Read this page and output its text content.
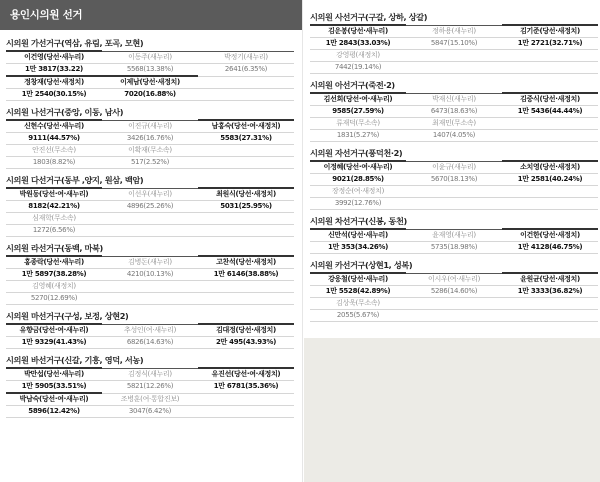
용인시의원 선거
시의원 가선거구(역삼, 유림, 포곡, 모현)
이건영(당선·새누리)	이동주(새누리)	박정기(새누리)
1만 3817(33.22)	5568(13.38%)	2641(6.35%)
정창재(당선·새정치)	이제남(당선·새정치)	
1만 2540(30.15%)	7020(16.88%)	
시의원 나선거구(중앙, 이동, 남사)
신현수(당선·새누리)	이진규(새누리)	남홍숙(당선·여·새정치)
9111(44.57%)	3426(16.76%)	5583(27.31%)
안진선(무소속)	이확재(무소속)	
1803(8.82%)	517(2.52%)	
시의원 다선거구(동부 ,양지, 원삼, 백암)
박원동(당선·여·새누리)	이선우(새누리)	최원식(당선·새정치)
8182(42.21%)	4896(25.26%)	5031(25.95%)
심재학(무소속)		
1272(6.56%)		
시의원 라선거구(동백, 마북)
홍종락(당선·새누리)	김병돈(새누리)	고찬석(당선·새정치)
1만 5897(38.28%)	4210(10.13%)	1만 6146(38.88%)
김영혜(새정치)		
5270(12.69%)		
시의원 마선거구(구성, 보정, 상현2)
유향금(당선·여·새누리)	추성인(여·새누리)	김대정(당선·새정치)
1만 9329(41.43%)	6826(14.63%)	2만 495(43.93%)
시의원 바선거구(신갈, 기흥, 영덕, 서농)
박만섭(당선·새누리)	김정식(새누리)	유진선(당선·여·새정치)
1만 5905(33.51%)	5821(12.26%)	1만 6781(35.36%)
박남숙(당선·여·새누리)	조병훈(여·통합진보)	
5896(12.42%)	3047(6.42%)	
시의원 사선거구(구갈, 상하, 상갈)
김운봉(당선·새누리)	정하용(새누리)	김기준(당선·새정치)
1만 2843(33.03%)	5847(15.10%)	1만 2721(32.71%)
강영평(새정치)		
7442(19.14%)		
시의원 아선거구(죽전·2)
김선희(당선·여·새누리)	박재신(새누리)	김중식(당선·새정치)
9585(27.59%)	6473(18.63%)	1만 5436(44.44%)
류재덕(무소속)	최재민(무소속)	
1831(5.27%)	1407(4.05%)	
시의원 자선거구(풍덕천·2)
이정혜(당선·여·새누리)	이윤규(새누리)	소치영(당선·새정치)
9021(28.85%)	5670(18.13%)	1만 2581(40.24%)
장정순(여·새정치)		
3992(12.76%)		
시의원 차선거구(신봉, 동천)
신만석(당선·새누리)	윤재영(새누리)	이건한(당선·새정치)
1만 353(34.26%)	5735(18.98%)	1만 4128(46.75%)
시의원 카선거구(상현1, 성복)
강웅철(당선·새누리)	이시우(여·새누리)	윤원균(당선·새정치)
1만 5528(42.89%)	5286(14.60%)	1만 3333(36.82%)
김상욱(무소속)		
2055(5.67%)		
